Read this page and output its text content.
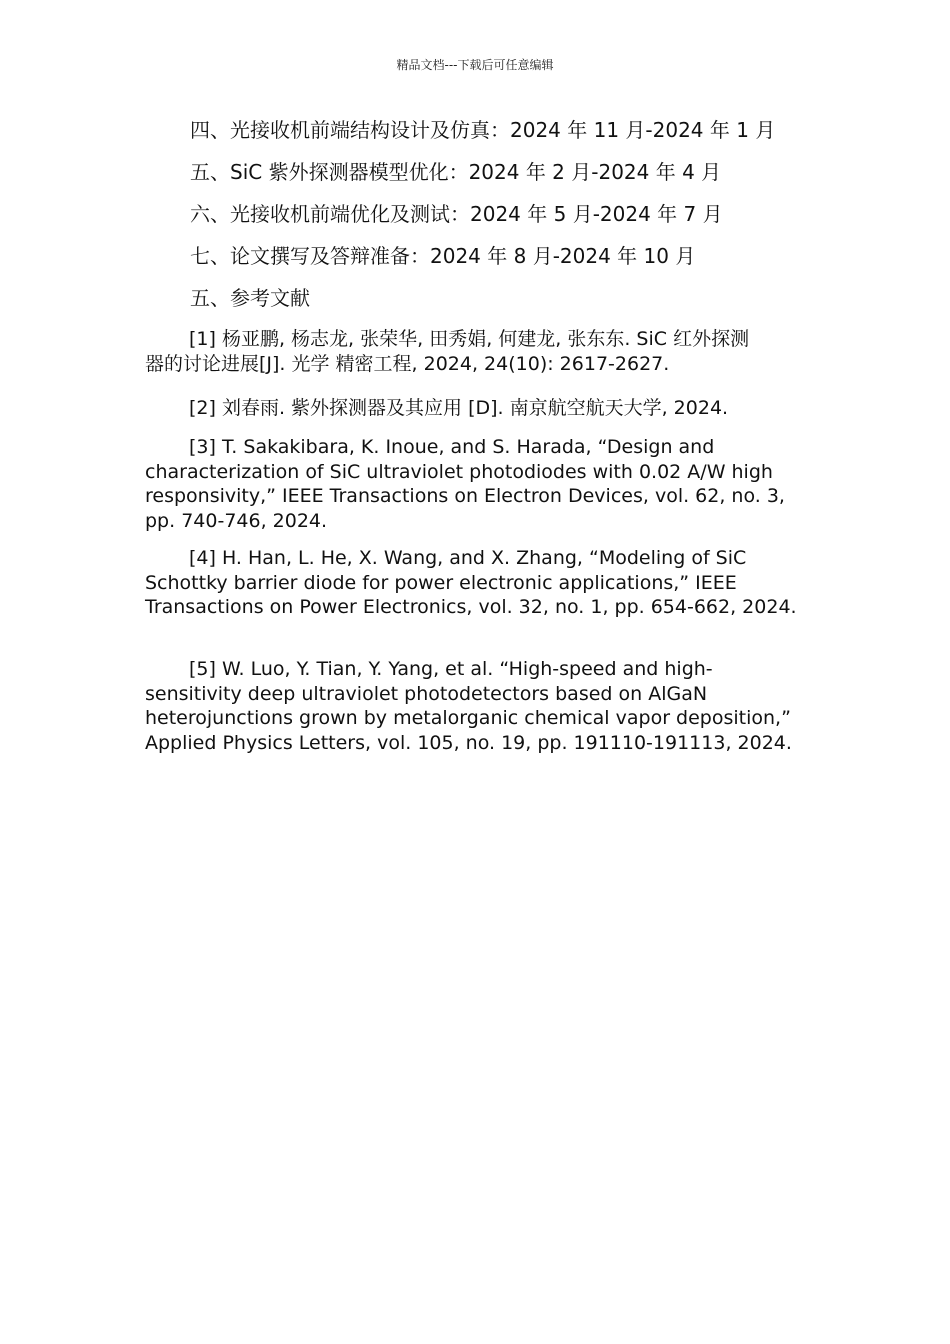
精品文档---下载后可任意编辑
四、光接收机前端结构设计及仿真：2024 年 11 月-2024 年 1 月
五、SiC 紫外探测器模型优化：2024 年 2 月-2024 年 4 月
六、光接收机前端优化及测试：2024 年 5 月-2024 年 7 月
七、论文撰写及答辩准备：2024 年 8 月-2024 年 10 月
五、参考文献
[1] 杨亚鹏, 杨志龙, 张荣华, 田秀娟, 何建龙, 张东东. SiC 红外探测
器的讨论进展[J]. 光学 精密工程, 2024, 24(10): 2617-2627.
[2] 刘春雨. 紫外探测器及其应用 [D]. 南京航空航天大学, 2024.
[3] T. Sakakibara, K. Inoue, and S. Harada, “Design and characterization of SiC ultraviolet photodiodes with 0.02 A/W high responsivity,” IEEE Transactions on Electron Devices, vol. 62, no. 3, pp. 740-746, 2024.
[4] H. Han, L. He, X. Wang, and X. Zhang, “Modeling of SiC Schottky barrier diode for power electronic applications,” IEEE Transactions on Power Electronics, vol. 32, no. 1, pp. 654-662, 2024.
[5] W. Luo, Y. Tian, Y. Yang, et al. “High-speed and high-sensitivity deep ultraviolet photodetectors based on AlGaN heterojunctions grown by metalorganic chemical vapor deposition,” Applied Physics Letters, vol. 105, no. 19, pp. 191110-191113, 2024.
